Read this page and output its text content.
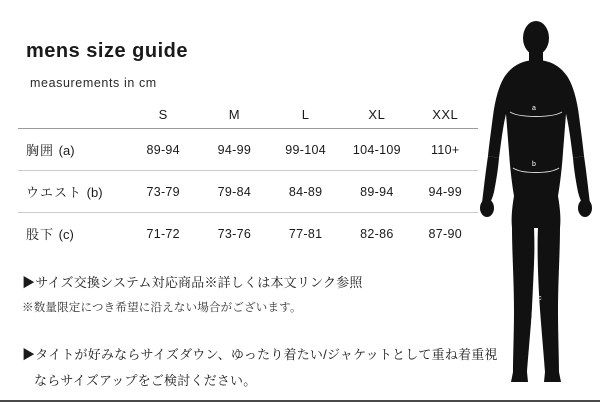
mens size guide
measurements in cm
	S	M	L	XL	XXL
胸囲 (a)	89-94	94-99	99-104	104-109	110+
ウエスト (b)	73-79	79-84	84-89	89-94	94-99
股下 (c)	71-72	73-76	77-81	82-86	87-90
▶サイズ交換システム対応商品※詳しくは本文リンク参照
※数量限定につき希望に沿えない場合がございます。
▶タイトが好みならサイズダウン、ゆったり着たい/ジャケットとして重ね着重視
ならサイズアップをご検討ください。
a
b
c
